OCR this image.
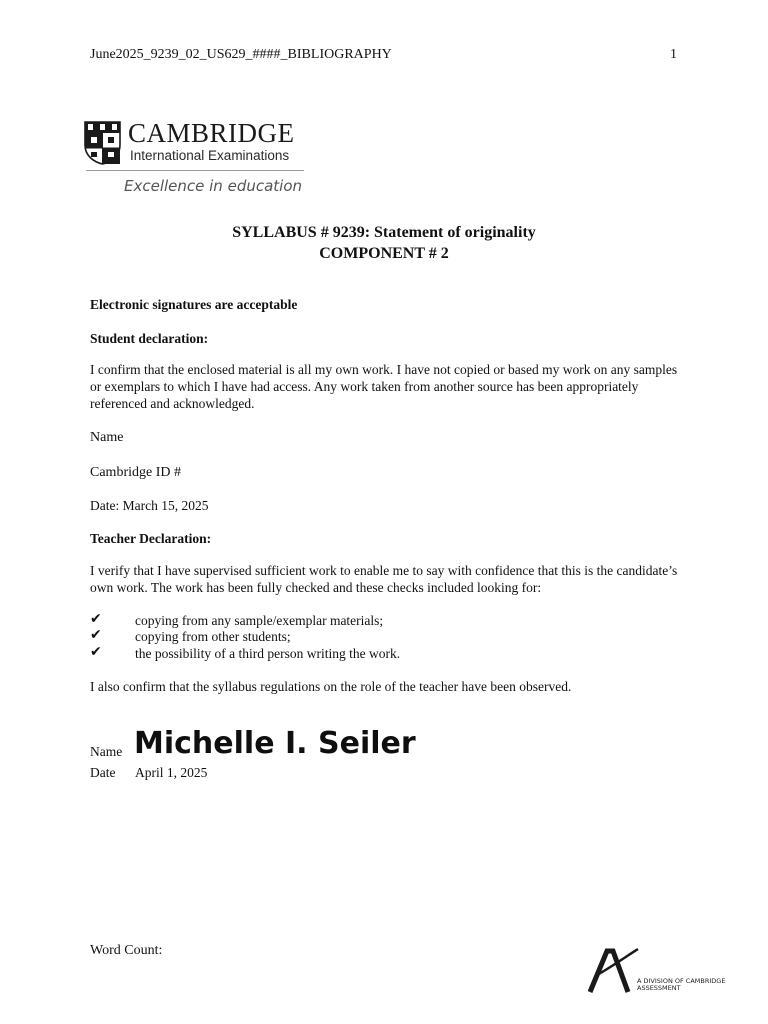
June2025_9239_02_US629_####_BIBLIOGRAPHY	1
CAMBRIDGE
International Examinations
Excellence in education
SYLLABUS # 9239: Statement of originality
COMPONENT # 2
Electronic signatures are acceptable
Student declaration:
I confirm that the enclosed material is all my own work. I have not copied or based my work on any samples or exemplars to which I have had access. Any work taken from another source has been appropriately referenced and acknowledged.
Name
Cambridge ID #
Date: March 15, 2025
Teacher Declaration:
I verify that I have supervised sufficient work to enable me to say with confidence that this is the candidate’s own work. The work has been fully checked and these checks included looking for:
✔ copying from any sample/exemplar materials;
✔ copying from other students;
✔ the possibility of a third person writing the work.
I also confirm that the syllabus regulations on the role of the teacher have been observed.
Name Michelle I. Seiler
Date April 1, 2025
Word Count:
A DIVISION OF CAMBRIDGE ASSESSMENT
